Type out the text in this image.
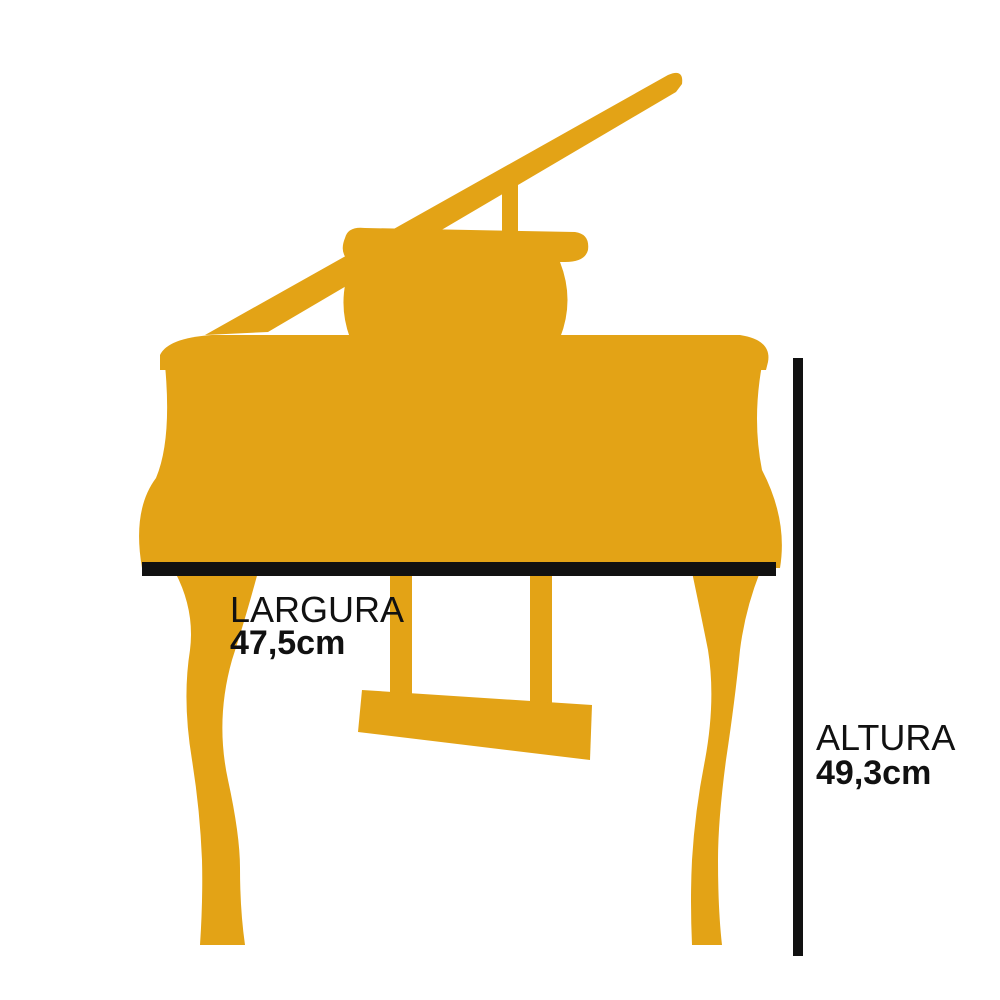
LARGURA
47,5cm
ALTURA
49,3cm
